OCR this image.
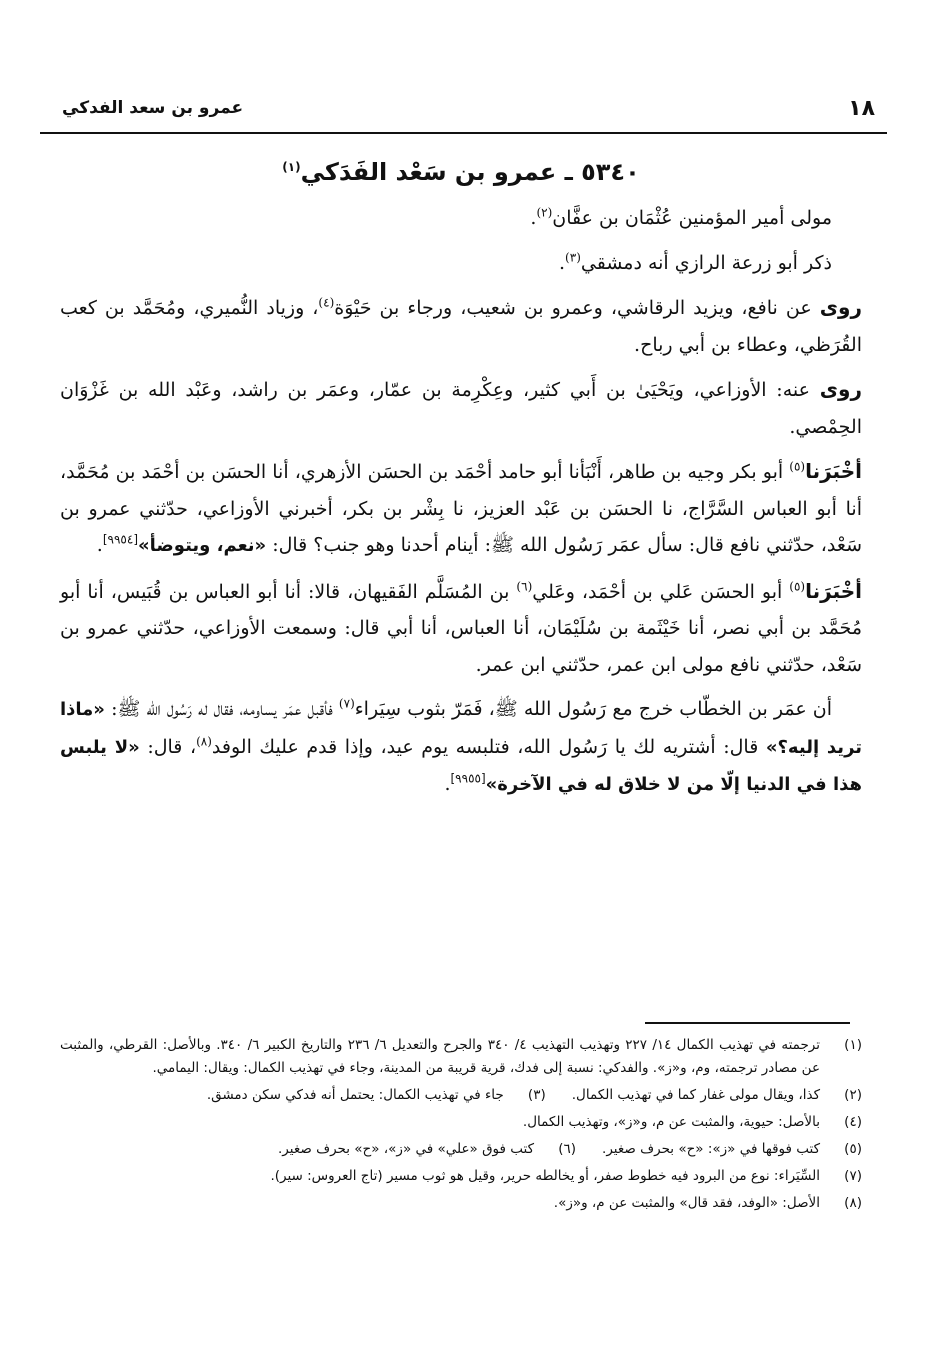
١٨
عمرو بن سعد الفدكي
٥٣٤٠ ـ عمرو بن سَعْد الفَدَكي$^{(١)}$

مولى أمير المؤمنين عُثْمَان بن عفَّان$^{(٢)}$.

ذكر أبو زرعة الرازي أنه دمشقي$^{(٣)}$.

روى عن نافع، ويزيد الرقاشي، وعمرو بن شعيب، ورجاء بن حَيْوَة$^{(٤)}$، وزياد النُّميري، ومُحَمَّد بن كعب القُرَظي، وعطاء بن أبي رباح.

روى عنه: الأوزاعي، ويَحْيَىٰ بن أَبي كثير، وعِكْرِمة بن عمّار، وعمَر بن راشد، وعَبْد الله بن غَزْوَان الحِمْصي.

أخْبَرَنا$^{(٥)}$ أبو بكر وجيه بن طاهر، أَنْبَأنا أبو حامد أحْمَد بن الحسَن الأزهري، أنا الحسَن بن أحْمَد بن مُحَمَّد، أنا أبو العباس السَّرَّاج، نا الحسَن بن عَبْد العزيز، نا بِشْر بن بكر، أخبرني الأوزاعي، حدّثني عمرو بن سَعْد، حدّثني نافع قال: سأل عمَر رَسُول الله ﷺ: أينام أحدنا وهو جنب؟ قال: «نعم، ويتوضأ»[٩٩٥٤].

أخْبَرَنا$^{(٥)}$ أبو الحسَن عَلي بن أحْمَد، وعَلي$^{(٦)}$ بن المُسَلَّم الفَقيهان، قالا: أنا أبو العباس بن قُبَيس، أنا أبو مُحَمَّد بن أبي نصر، أنا خَيْثَمة بن سُلَيْمَان، أنا العباس، أنا أبي قال: وسمعت الأوزاعي، حدّثني عمرو بن سَعْد، حدّثني نافع مولى ابن عمر، حدّثني ابن عمر.

أن عمَر بن الخطّاب خرج مع رَسُول الله ﷺ، فَمَرّ بثوب سِيَراء$^{(٧)}$ فأقبل عمَر يساومه، فقال له رَسُول الله ﷺ: «ماذا تريد إليه؟» قال: أشتريه لك يا رَسُول الله، فتلبسه يوم عيد، وإذا قدم عليك الوفد$^{(٨)}$، قال: «لا يلبس هذا في الدنيا إلّا من لا خلاق له في الآخرة»[٩٩٥٥].

(١)
ترجمته في تهذيب الكمال ١٤/ ٢٢٧ وتهذيب التهذيب ٤/ ٣٤٠ والجرح والتعديل ٦/ ٢٣٦ والتاريخ الكبير ٦/ ٣٤٠. وبالأصل: القرطي، والمثبت عن مصادر ترجمته، وم، و«ز». والفدكي: نسبة إلى فدك، قرية قريبة من المدينة، وجاء في تهذيب الكمال: ويقال: اليمامي.
(٢)
كذا، ويقال مولى غفار كما في تهذيب الكمال.
(٣)
جاء في تهذيب الكمال: يحتمل أنه فدكي سكن دمشق.
(٤)
بالأصل: حيوية، والمثبت عن م، و«ز»، وتهذيب الكمال.
(٥)
كتب فوقها في «ز»: «ح» بحرف صغير.
(٦)
كتب فوق «علي» في «ز»، «ح» بحرف صغير.
(٧)
السِّيَراء: نوع من البرود فيه خطوط صفر، أو يخالطه حرير، وقيل هو ثوب مسير (تاج العروس: سير).
(٨)
الأصل: «الوفد، فقد قال» والمثبت عن م، و«ز».
